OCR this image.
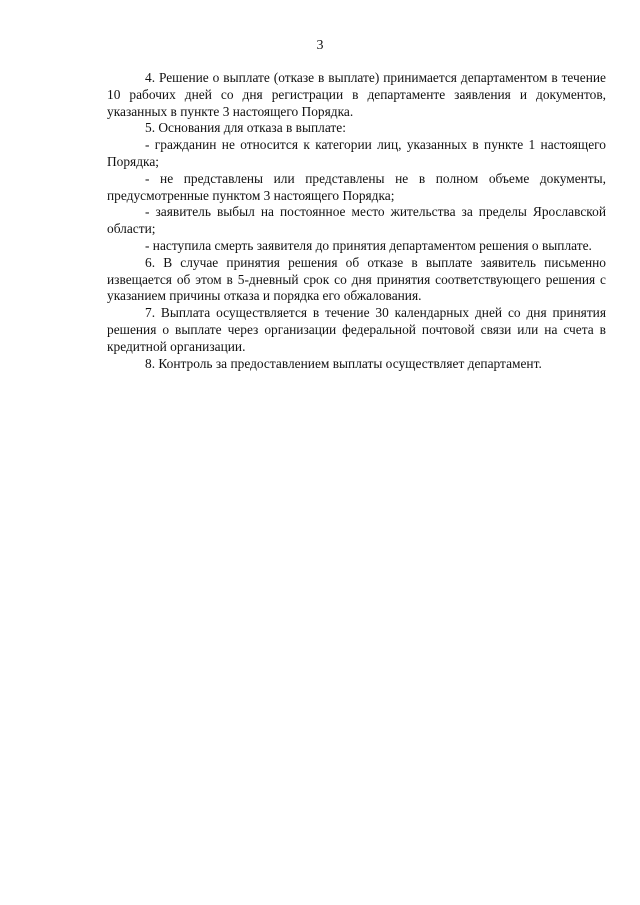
3

4. Решение о выплате (отказе в выплате) принимается департаментом в течение 10 рабочих дней со дня регистрации в департаменте заявления и документов, указанных в пункте 3 настоящего Порядка.

5. Основания для отказа в выплате:

- гражданин не относится к категории лиц, указанных в пункте 1 настоящего Порядка;

- не представлены или представлены не в полном объеме документы, предусмотренные пунктом 3 настоящего Порядка;

- заявитель выбыл на постоянное место жительства за пределы Ярославской области;

- наступила смерть заявителя до принятия департаментом решения о выплате.

6. В случае принятия решения об отказе в выплате заявитель письменно извещается об этом в 5-дневный срок со дня принятия соответствующего решения с указанием причины отказа и порядка его обжалования.

7. Выплата осуществляется в течение 30 календарных дней со дня принятия решения о выплате через организации федеральной почтовой связи или на счета в кредитной организации.

8. Контроль за предоставлением выплаты осуществляет департамент.
